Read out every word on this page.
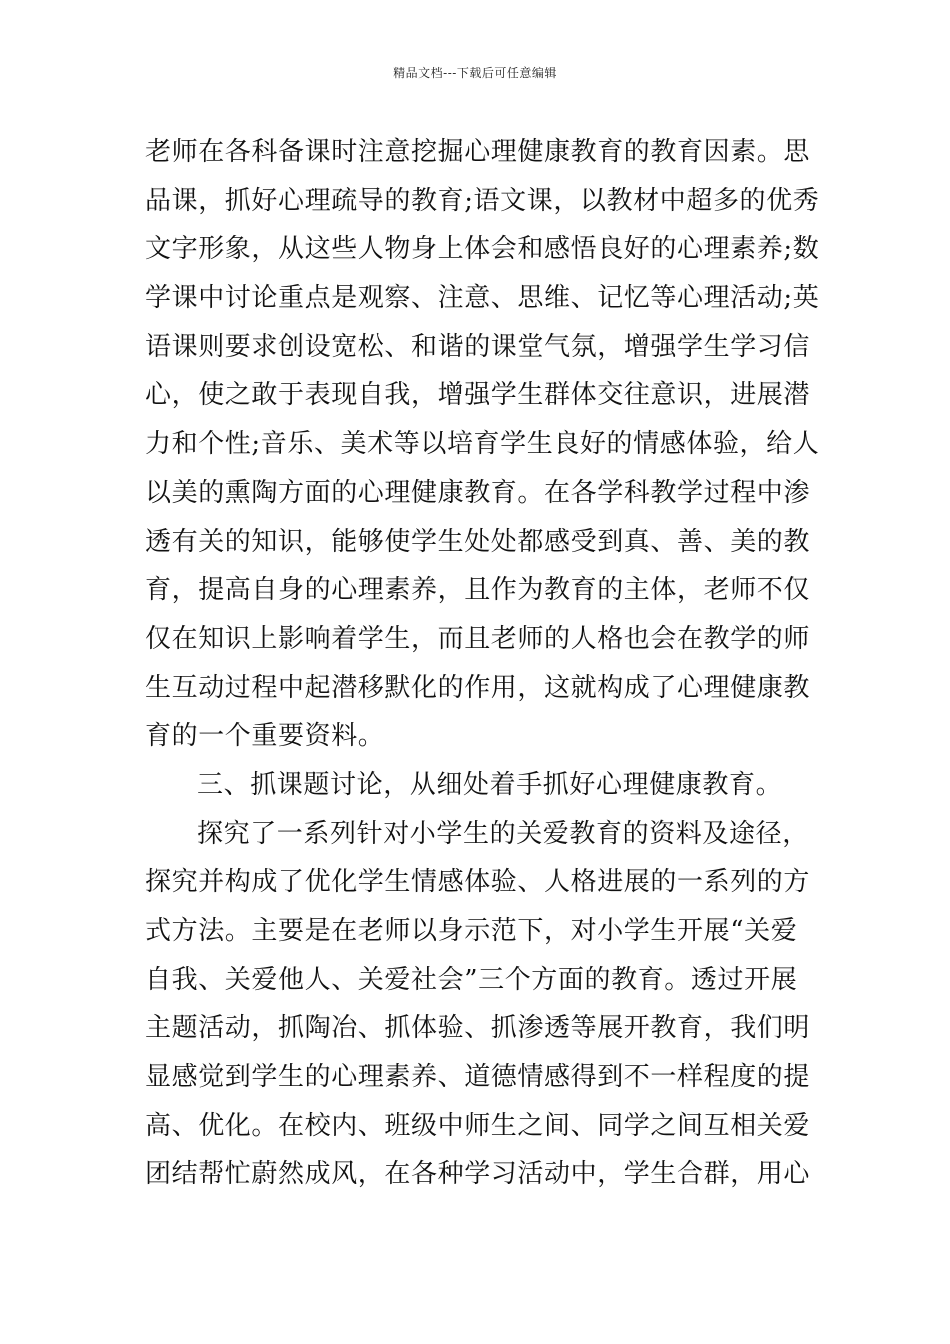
精品文档---下载后可任意编辑
老师在各科备课时注意挖掘心理健康教育的教育因素。思
品课，抓好心理疏导的教育;语文课，以教材中超多的优秀
文字形象，从这些人物身上体会和感悟良好的心理素养;数
学课中讨论重点是观察、注意、思维、记忆等心理活动;英
语课则要求创设宽松、和谐的课堂气氛，增强学生学习信
心，使之敢于表现自我，增强学生群体交往意识，进展潜
力和个性;音乐、美术等以培育学生良好的情感体验，给人
以美的熏陶方面的心理健康教育。在各学科教学过程中渗
透有关的知识，能够使学生处处都感受到真、善、美的教
育，提高自身的心理素养，且作为教育的主体，老师不仅
仅在知识上影响着学生，而且老师的人格也会在教学的师
生互动过程中起潜移默化的作用，这就构成了心理健康教
育的一个重要资料。
三、抓课题讨论，从细处着手抓好心理健康教育。
探究了一系列针对小学生的关爱教育的资料及途径，
探究并构成了优化学生情感体验、人格进展的一系列的方
式方法。主要是在老师以身示范下，对小学生开展“关爱
自我、关爱他人、关爱社会”三个方面的教育。透过开展
主题活动，抓陶冶、抓体验、抓渗透等展开教育，我们明
显感觉到学生的心理素养、道德情感得到不一样程度的提
高、优化。在校内、班级中师生之间、同学之间互相关爱
团结帮忙蔚然成风，在各种学习活动中，学生合群，用心
